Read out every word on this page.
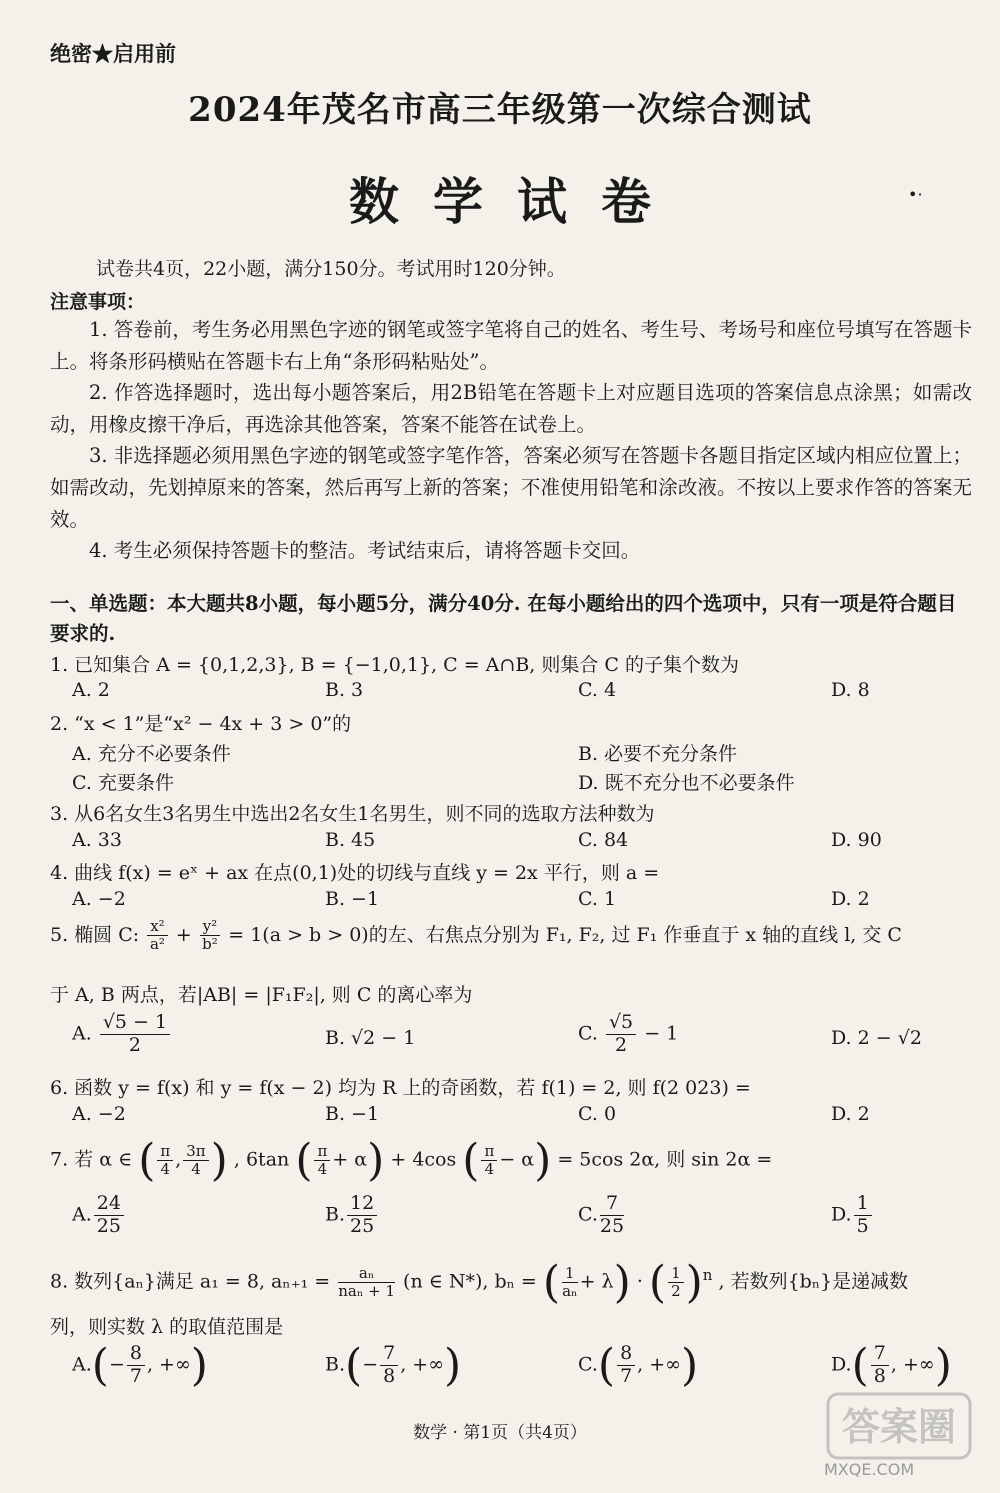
绝密★启用前
2024年茂名市高三年级第一次综合测试
数学试卷	•·
试卷共4页，22小题，满分150分。考试用时120分钟。
注意事项：

1. 答卷前，考生务必用黑色字迹的钢笔或签字笔将自己的姓名、考生号、考场号和座位号填写在答题卡上。将条形码横贴在答题卡右上角“条形码粘贴处”。

2. 作答选择题时，选出每小题答案后，用2B铅笔在答题卡上对应题目选项的答案信息点涂黑；如需改动，用橡皮擦干净后，再选涂其他答案，答案不能答在试卷上。

3. 非选择题必须用黑色字迹的钢笔或签字笔作答，答案必须写在答题卡各题目指定区域内相应位置上；如需改动，先划掉原来的答案，然后再写上新的答案；不准使用铅笔和涂改液。不按以上要求作答的答案无效。

4. 考生必须保持答题卡的整洁。考试结束后，请将答题卡交回。

一、单选题：本大题共8小题，每小题5分，满分40分. 在每小题给出的四个选项中，只有一项是符合题目要求的.
1. 已知集合 A = {0,1,2,3}, B = {−1,0,1}, C = A∩B, 则集合 C 的子集个数为
A. 2	B. 3	C. 4	D. 8
2. “x < 1”是“x² − 4x + 3 > 0”的
A. 充分不必要条件	B. 必要不充分条件
C. 充要条件	D. 既不充分也不必要条件
3. 从6名女生3名男生中选出2名女生1名男生，则不同的选取方法种数为
A. 33	B. 45	C. 84	D. 90
4. 曲线 f(x) = eˣ + ax 在点(0,1)处的切线与直线 y = 2x 平行，则 a =
A. −2	B. −1	C. 1	D. 2
5. 椭圆 C: $\frac{\text{x²}}{\text{a²}} + \frac{\text{y²}}{\text{b²}} = 1(a > b > 0)$的左、右焦点分别为 F₁, F₂, 过 F₁ 作垂直于 x 轴的直线 l, 交 C
于 A, B 两点，若|AB| = |F₁F₂|, 则 C 的离心率为
A. $\frac{√5 - 1}{2}$	B. √2 − 1	C. $\frac{√5}{2} - 1$	D. 2 − √2
6. 函数 y = f(x) 和 y = f(x − 2) 均为 R 上的奇函数，若 f(1) = 2, 则 f(2 023) =
A. −2	B. −1	C. 0	D. 2
7. 若 α ∈ ( $\frac{\pi}{4}$ , $\frac{3\pi}{4}$ ) , 6tan ( $\frac{\pi}{4} + \alpha) + 4\cos$ ( $\frac{\pi}{4} - \alpha) = 5\cos$ 2α, 则 sin 2α =
A. $\frac{24}{25}$	B. $\frac{12}{25}$	C. $\frac{7}{25}$	D. $\frac{1}{5}$
8. 数列{aₙ}满足 a₁ = 8, aₙ₊₁ =	aₙ
naₙ + 1 (n ∈ N*), bₙ = ( $\frac{1}{\text{aₙ}} + \lambda$) · ( $\frac{1}{2} )^n$ , 若数列{bₙ}是递减数
列，则实数 λ 的取值范围是
$A.(- \frac{8}{7}$ , +∞)	$B.(- \frac{7}{8}$ , +∞)	$C.( \frac{8}{7}$ , +∞)	$D.( \frac{7}{8}$ , +∞)
数学 · 第1页（共4页）	答案圈
MXQE.COM
